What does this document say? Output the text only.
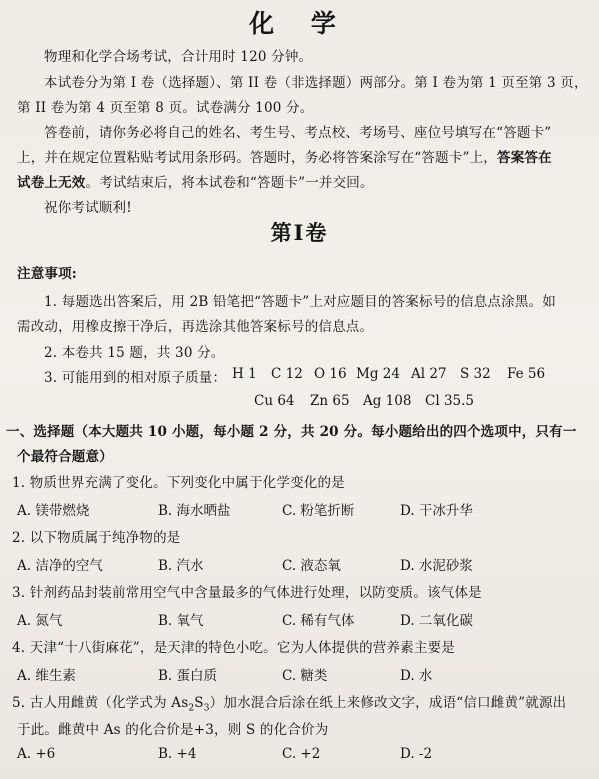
化 学
物理和化学合场考试，合计用时 120 分钟。
本试卷分为第 I 卷（选择题）、第 II 卷（非选择题）两部分。第 I 卷为第 1 页至第 3 页，
第 II 卷为第 4 页至第 8 页。试卷满分 100 分。
答卷前，请你务必将自己的姓名、考生号、考点校、考场号、座位号填写在“答题卡”
上，并在规定位置粘贴考试用条形码。答题时，务必将答案涂写在“答题卡”上，答案答在
试卷上无效。考试结束后，将本试卷和“答题卡”一并交回。
祝你考试顺利!
第I卷
注意事项:
1. 每题选出答案后，用 2B 铅笔把“答题卡”上对应题目的答案标号的信息点涂黑。如
需改动，用橡皮擦干净后，再选涂其他答案标号的信息点。
2. 本卷共 15 题，共 30 分。
3. 可能用到的相对原子质量： H 1 C 12 O 16 Mg 24 Al 27 S 32 Fe 56
Cu 64 Zn 65 Ag 108 Cl 35.5
一、选择题（本大题共 10 小题，每小题 2 分，共 20 分。每小题给出的四个选项中，只有一
个最符合题意）
1. 物质世界充满了变化。下列变化中属于化学变化的是
A. 镁带燃烧	B. 海水晒盐	C. 粉笔折断	D. 干冰升华
2. 以下物质属于纯净物的是
A. 洁净的空气	B. 汽水	C. 液态氧	D. 水泥砂浆
3. 针剂药品封装前常用空气中含量最多的气体进行处理，以防变质。该气体是
A. 氮气	B. 氧气	C. 稀有气体	D. 二氧化碳
4. 天津“十八街麻花”，是天津的特色小吃。它为人体提供的营养素主要是
A. 维生素	B. 蛋白质	C. 糖类	D. 水
5. 古人用雌黄（化学式为 $As_2S_3$）加水混合后涂在纸上来修改文字，成语“信口雌黄”就源出
于此。雌黄中 As 的化合价是+3，则 S 的化合价为
A. +6	B. +4	C. +2	D. -2
